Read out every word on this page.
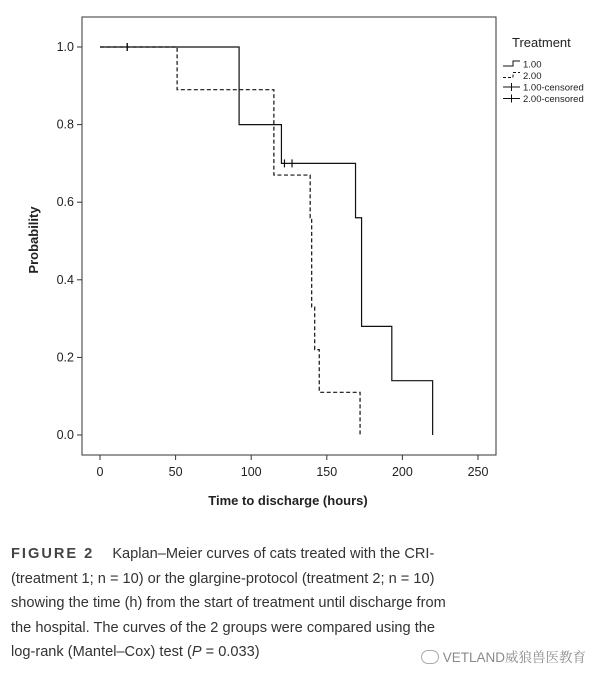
0	50	100	150	200	250
0.0
0.2
0.4
0.6
0.8
1.0
Time to discharge (hours)
Probability
Treatment
1.00
2.00
1.00-censored
2.00-censored
FIGURE 2 Kaplan–Meier curves of cats treated with the CRI-
(treatment 1; n = 10) or the glargine-protocol (treatment 2; n = 10)
showing the time (h) from the start of treatment until discharge from
the hospital. The curves of the 2 groups were compared using the
log-rank (Mantel–Cox) test (P = 0.033)	VETLAND威狼兽医教育
